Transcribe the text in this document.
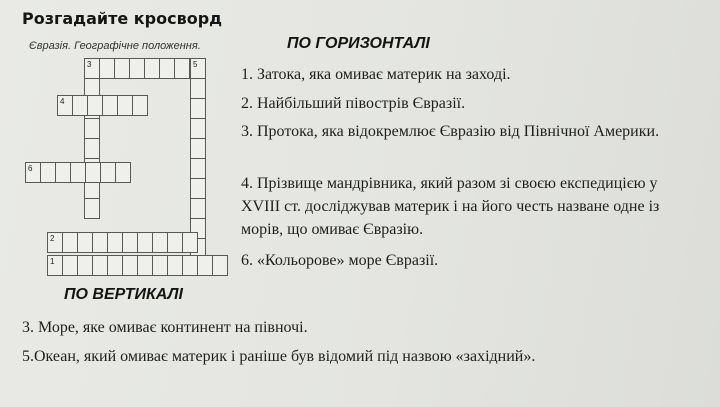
Розгадайте кросворд
Євразія. Географічне положення.	ПО ГОРИЗОНТАЛІ
1. Затока, яка омиває материк на заході.
2. Найбільший півострів Євразії.
3. Протока, яка відокремлює Євразію від Північної Америки.
4. Прізвище мандрівника, який разом зі своєю експедицією у XVIII ст. досліджував материк і на його честь назване одне із морів, що омиває Євразію.
6. «Кольорове» море Євразії.
ПО ВЕРТИКАЛІ
3. Море, яке омиває континент на півночі.
5.Океан, який омиває материк і раніше був відомий під назвою «західний».
3	5
4
6
2
1
